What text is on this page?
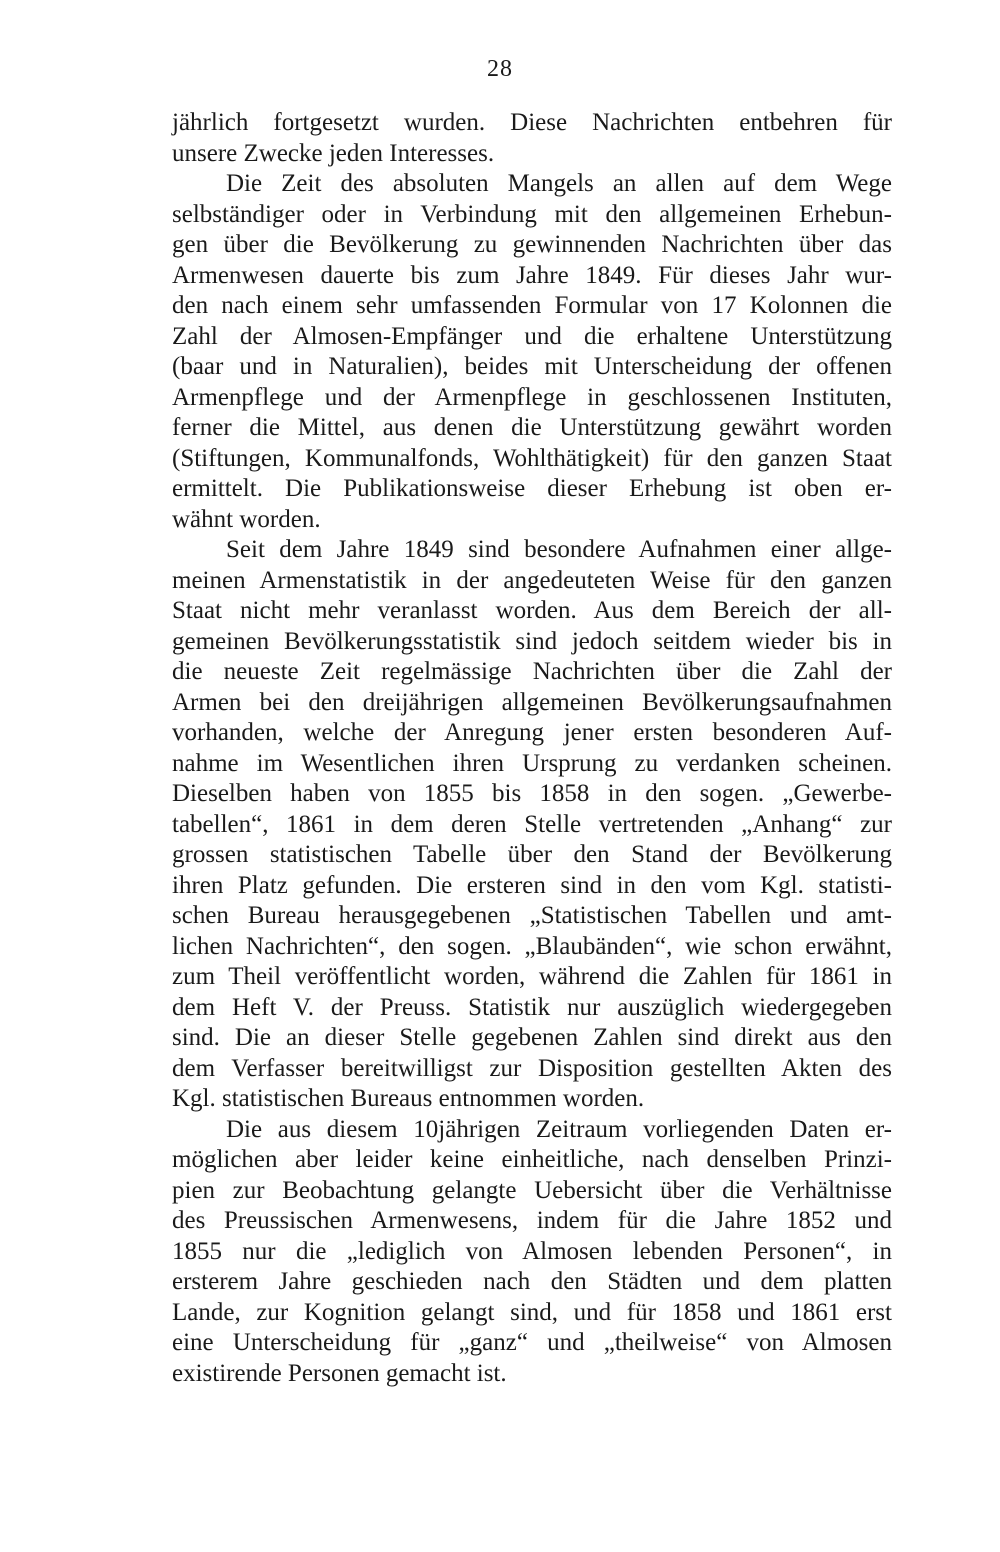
28
jährlich fortgesetzt wurden. Diese Nachrichten entbehren für
unsere Zwecke jeden Interesses.
Die Zeit des absoluten Mangels an allen auf dem Wege
selbständiger oder in Verbindung mit den allgemeinen Erhebun-
gen über die Bevölkerung zu gewinnenden Nachrichten über das
Armenwesen dauerte bis zum Jahre 1849. Für dieses Jahr wur-
den nach einem sehr umfassenden Formular von 17 Kolonnen die
Zahl der Almosen-Empfänger und die erhaltene Unterstützung
(baar und in Naturalien), beides mit Unterscheidung der offenen
Armenpflege und der Armenpflege in geschlossenen Instituten,
ferner die Mittel, aus denen die Unterstützung gewährt worden
(Stiftungen, Kommunalfonds, Wohlthätigkeit) für den ganzen Staat
ermittelt. Die Publikationsweise dieser Erhebung ist oben er-
wähnt worden.
Seit dem Jahre 1849 sind besondere Aufnahmen einer allge-
meinen Armenstatistik in der angedeuteten Weise für den ganzen
Staat nicht mehr veranlasst worden. Aus dem Bereich der all-
gemeinen Bevölkerungsstatistik sind jedoch seitdem wieder bis in
die neueste Zeit regelmässige Nachrichten über die Zahl der
Armen bei den dreijährigen allgemeinen Bevölkerungsaufnahmen
vorhanden, welche der Anregung jener ersten besonderen Auf-
nahme im Wesentlichen ihren Ursprung zu verdanken scheinen.
Dieselben haben von 1855 bis 1858 in den sogen. „Gewerbe-
tabellen“, 1861 in dem deren Stelle vertretenden „Anhang“ zur
grossen statistischen Tabelle über den Stand der Bevölkerung
ihren Platz gefunden. Die ersteren sind in den vom Kgl. statisti-
schen Bureau herausgegebenen „Statistischen Tabellen und amt-
lichen Nachrichten“, den sogen. „Blaubänden“, wie schon erwähnt,
zum Theil veröffentlicht worden, während die Zahlen für 1861 in
dem Heft V. der Preuss. Statistik nur auszüglich wiedergegeben
sind. Die an dieser Stelle gegebenen Zahlen sind direkt aus den
dem Verfasser bereitwilligst zur Disposition gestellten Akten des
Kgl. statistischen Bureaus entnommen worden.
Die aus diesem 10jährigen Zeitraum vorliegenden Daten er-
möglichen aber leider keine einheitliche, nach denselben Prinzi-
pien zur Beobachtung gelangte Uebersicht über die Verhältnisse
des Preussischen Armenwesens, indem für die Jahre 1852 und
1855 nur die „lediglich von Almosen lebenden Personen“, in
ersterem Jahre geschieden nach den Städten und dem platten
Lande, zur Kognition gelangt sind, und für 1858 und 1861 erst
eine Unterscheidung für „ganz“ und „theilweise“ von Almosen
existirende Personen gemacht ist.
